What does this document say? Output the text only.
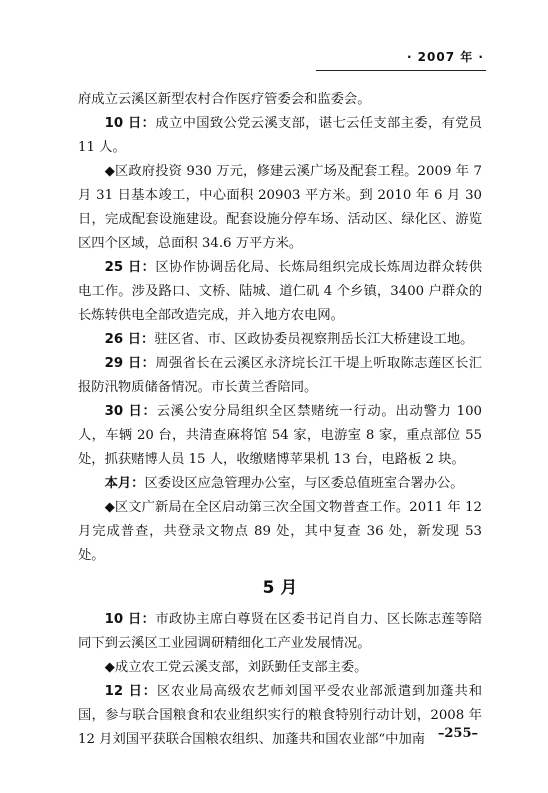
· 2007 年 ·

府成立云溪区新型农村合作医疗管委会和监委会。

10 日：成立中国致公党云溪支部，谌七云任支部主委，有党员 11 人。

◆区政府投资 930 万元，修建云溪广场及配套工程。2009 年 7 月 31 日基本竣工，中心面积 20903 平方米。到 2010 年 6 月 30 日，完成配套设施建设。配套设施分停车场、活动区、绿化区、游览区四个区域，总面积 34.6 万平方米。

25 日：区协作协调岳化局、长炼局组织完成长炼周边群众转供电工作。涉及路口、文桥、陆城、道仁矶 4 个乡镇，3400 户群众的长炼转供电全部改造完成，并入地方农电网。

26 日：驻区省、市、区政协委员视察荆岳长江大桥建设工地。

29 日：周强省长在云溪区永济垸长江干堤上听取陈志莲区长汇报防汛物质储备情况。市长黄兰香陪同。

30 日：云溪公安分局组织全区禁赌统一行动。出动警力 100 人，车辆 20 台，共清查麻将馆 54 家，电游室 8 家，重点部位 55 处，抓获赌博人员 15 人，收缴赌博苹果机 13 台，电路板 2 块。

本月：区委设区应急管理办公室，与区委总值班室合署办公。

◆区文广新局在全区启动第三次全国文物普查工作。2011 年 12 月完成普查，共登录文物点 89 处，其中复查 36 处，新发现 53 处。

5 月

10 日：市政协主席白尊贤在区委书记肖自力、区长陈志莲等陪同下到云溪区工业园调研精细化工产业发展情况。

◆成立农工党云溪支部，刘跃勤任支部主委。

12 日：区农业局高级农艺师刘国平受农业部派遣到加蓬共和国，参与联合国粮食和农业组织实行的粮食特别行动计划，2008 年 12 月刘国平获联合国粮农组织、加蓬共和国农业部“中加南 –255–
